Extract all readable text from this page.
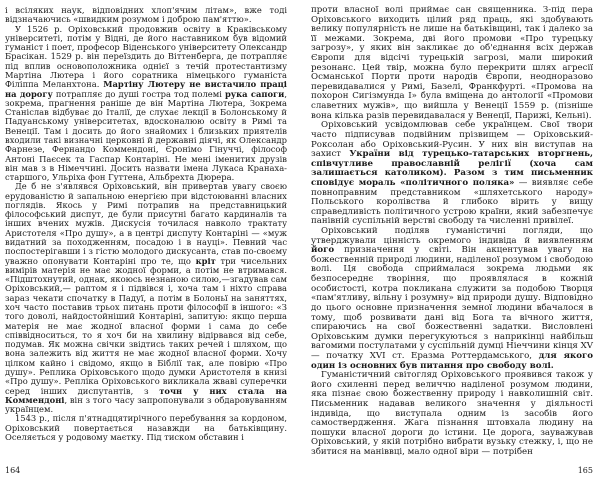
і всіляких наук, відповідних хлоп'ячим літам», вже тоді відзначаючись «швидким розумом і доброю пам'яттю».

У 1526 р. Оріховський продовжив освіту в Краківському університеті, потім у Відні, де його наставником був відомий гуманіст і поет, професор Віденського університету Олександр Брасікан. 1529 р. він переїздить до Віттенберга, де потрапляє під вплив основоположника однієї з течій протестантизму Мартіна Лютера і його соратника німецького гуманіста Філіппа Меланхтона. Мартіну Лютеру не вистачило праці на дорогу потрапляє до душі гостра тод полемі рука сапоги, зокрема, прагнення раніше де він Мартіна Лютера, Зокрема Станіслав відбуває до Італії, де слухає лекції в Болонському й Падуанському університетах, вдосконалюю освіту в Римі та Венеції. Там і досить до його знайомих і близьких приятелів входили такі визначні церковні й державні діячі, як Олександр Фарнезе, Фернандо Коммендоні, Єронімо Гінуччі, філософ Антоні Паєсек та Гаспар Контаріні. Не мені іменитих друзів він мав з в Німеччині. Досить назвати імена Лукаса Кранаха-старшого, Ульріха фон Гуттена, Альбрехта Дюрера.

Де б не з'являвся Оріховський, він привертав увагу своєю ерудованістю й запальною енергією при відстоюванні власних поглядів. Якось у Римі потрапив на представницький філософський диспут, де були присутні багато кардиналів та інших вчених мужів. Дискусія точилася навколо трактату Аристотеля «Про душу», а в центрі диспуту Контаріні — «муж видатний за походженням, посадою і в науці». Певний час поспостерігавши і з гістю молодого дискусанта, став по-своєму уважно опонувати Контаріні про те, що кріт три чисельних вимірів матерія не має жодної форми, а потім не втримався. «Підштохнутий, однак, якоюсь незнаною силою,—згадував сам Оріховський,— раптом я і підвівся і, хоча там і ніхто справа зараз чекати спочатку в Падуї, а потім в Болоньї на заняттях, хоч часто поставив трьох питань проти філософії в іншого: «З того доволі, найдостойніший Контаріні, запитую: якщо перша матерія не має жодної власної форми і сама до себе співвідноситься, то я хоч би на хвилину відірвався від себе, подумав. Як можна свічки звідтись таких речей і шляхом, що вона залежить від життя не має жодної власної форми. Хочу цілком кайно і свідомо, якщо в Біблії так, але повірю «Про душу». Реплика Оріховського щодо думки Аристотеля в книзі «Про душу». Репліка Оріховського викликала жваві суперечки серед інших диспутантів, з точн у них стала на Коммендоні, він з того часу запропонували з обдаровуванням українцем.

1543 р., після п'ятнадцятирічного перебування за кордоном, Оріховський повертається назавжди на батьківщину. Оселяється у родовому маєтку. Під тиском обставин і

164

проти власної волі приймає сан священника. З-під пера Оріховського виходить цілий ряд праць, які здобувають велику популярність не лише на батьківщині, так і далеко за її межами. Зокрема, дві його промови «Про турецьку загрозу», у яких він закликає до об'єднання всіх держав Європи для відсічі турецькій загрозі, мали широкий резонанс. Цей твір, можна було перекрити шлях агресії Османської Порти проти народів Європи, неодноразово перевидавалися у Римі, Базелі, Франкфурті. «Промова на похорон Сигізмунда І» була вміщена до антології «Промови славетних мужів», що вийшла у Венеції 1559 р. (пізніше вона кілька разів перевидавалася у Венеції, Парижі, Кельні).

Оріховський усвідомлював себе українцем. Свої твори часто підписував подвійним прізвищем — Оріховський-Роксолан або Оріховський-Русин. У них він виступав на захист України від турецько-татарських вторгнень, співчутливе православній релігії (хоча сам залишається католиком). Разом з тим письменник сповідує мораль «політичного поляка» — виявляє себе повноправним представником «шляхетського народу» Польського королівства й глибоко вірить у вищу справедливість політичного устрою країни, який забезпечує панівній суспільній верстві свободу та численні привілеї.

Оріховський поділяв гуманістичні погляди, що утверджували цінність окремого індивіда й виявленням його призначення у світі. Він акцентував увагу на божественній природі людини, наділеної розумом і свободою волі. Ця свобода сприймалася зокрема людьми як безпосереднє творіння, що проявлялася в кожній особистості, котра покликана служити за подобою Творця «пам'ятливу, вільну і розумну» від природи душу. Відповідно до цього основне призначення земної людини вбачалося в тому, щоб розвивати дані від Бога та вічного життя, спираючись на свої божественні задатки. Висловлені Оріховським думки перегукуються з наприкінці найбільш вагомими постулатами у суспільній думці Ніеччини кінця XV — початку XVI ст. Еразма Роттердамського, для якого один із основних був питання про свободу волі.

Гуманістичний світогляд Оріховського проявився також у його схиленні перед величчю наділеної розумом людини, яка пізнає свою божественну природу і навколишній світ. Письменник надавав великого значення у діяльності індивіда, що виступала одним із засобів його самоствердження. Жага пізнання штовхала людину на пошуки власної дороги до істини. Це дорога, зауважував Оріховський, у якій потрібно вибрати вузьку стежку, і, що не збитися на маніввці, мало одної віри — потрібен

165
